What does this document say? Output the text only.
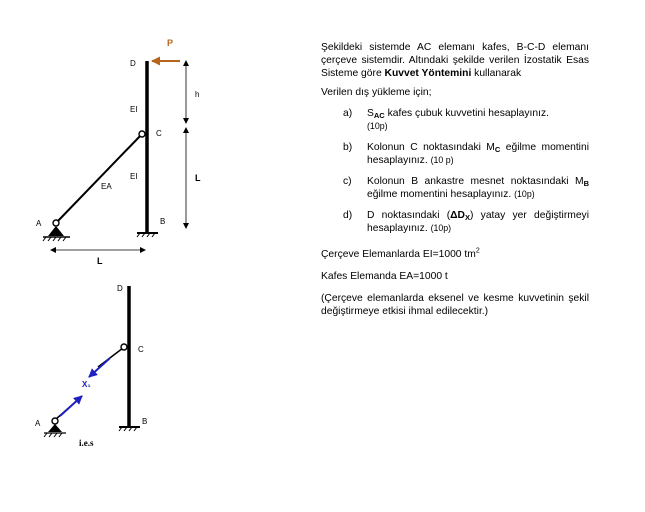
P
D
C
A	B
h
L
L
EI
EI
EA
D
C
A	B
X₁
i.e.s

Şekildeki sistemde AC elemanı kafes, B-C-D elemanı çerçeve sistemdir. Altındaki şekilde verilen İzostatik Esas Sisteme göre Kuvvet Yöntemini kullanarak

Verilen dış yükleme için;

a)	$S_{AC}$ kafes çubuk kuvvetini hesaplayınız.
(10p)
b)	Kolonun C noktasındaki $M_C$ eğilme momentini hesaplayınız. (10 p)
c)	Kolonun B ankastre mesnet noktasındaki $M_B$ eğilme momentini hesaplayınız. (10p)
d)	D noktasındaki $(\Delta D_X)$ yatay yer değiştirmeyi hesaplayınız. (10p)

Çerçeve Elemanlarda EI=1000 $tm^2$

Kafes Elemanda EA=1000 t

(Çerçeve elemanlarda eksenel ve kesme kuvvetinin şekil değiştirmeye etkisi ihmal edilecektir.)
